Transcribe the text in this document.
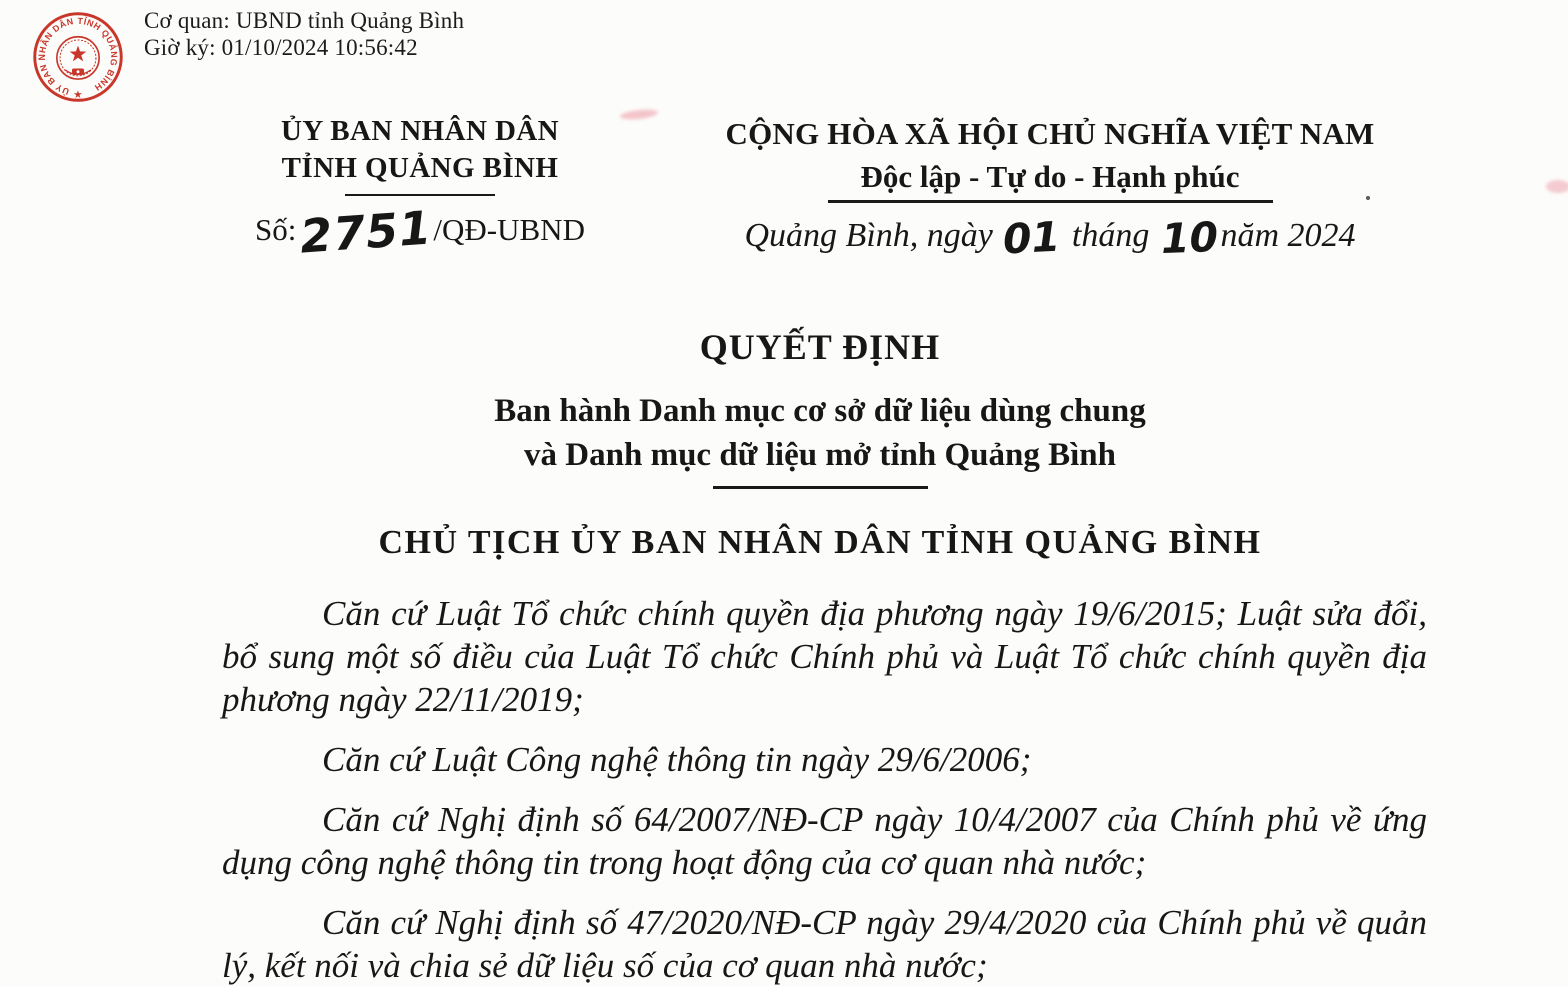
ỦY BAN NHÂN DÂN TỈNH QUẢNG BÌNH
★
Cơ quan: UBND tỉnh Quảng Bình
Giờ ký: 01/10/2024 10:56:42
ỦY BAN NHÂN DÂN
TỈNH QUẢNG BÌNH
Số:2751/QĐ-UBND
CỘNG HÒA XÃ HỘI CHỦ NGHĨA VIỆT NAM
Độc lập - Tự do - Hạnh phúc
Quảng Bình, ngày 01 tháng 10năm 2024
QUYẾT ĐỊNH
Ban hành Danh mục cơ sở dữ liệu dùng chung
và Danh mục dữ liệu mở tỉnh Quảng Bình
CHỦ TỊCH ỦY BAN NHÂN DÂN TỈNH QUẢNG BÌNH

Căn cứ Luật Tổ chức chính quyền địa phương ngày 19/6/2015; Luật sửa đổi, bổ sung một số điều của Luật Tổ chức Chính phủ và Luật Tổ chức chính quyền địa phương ngày 22/11/2019;

Căn cứ Luật Công nghệ thông tin ngày 29/6/2006;

Căn cứ Nghị định số 64/2007/NĐ-CP ngày 10/4/2007 của Chính phủ về ứng dụng công nghệ thông tin trong hoạt động của cơ quan nhà nước;

Căn cứ Nghị định số 47/2020/NĐ-CP ngày 29/4/2020 của Chính phủ về quản lý, kết nối và chia sẻ dữ liệu số của cơ quan nhà nước;
